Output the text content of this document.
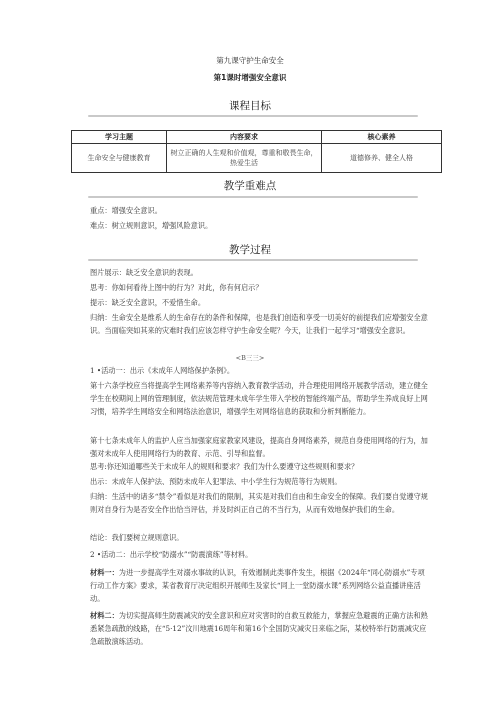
第九课守护生命安全
第1课时增强安全意识
课程目标
学习主题	内容要求	核心素养
生命安全与健康教育	树立正确的人生观和价值观，尊重和敬畏生命，热爱生活	道德修养、健全人格
教学重难点

重点：增强安全意识。

难点：树立规则意识，增强风险意识。

教学过程

图片展示：缺乏安全意识的表现。

思考：你如何看待上图中的行为？对此，你有何启示？

提示：缺乏安全意识，不爱惜生命。

归纳：生命安全是维系人的生命存在的条件和保障，也是我们创造和享受一切美好的前提我们应增强安全意识。当面临突如其来的灾难时我们应该怎样守护生命安全呢？今天，让我们一起学习“增强安全意识。

<B三三>

1 •活动一：出示《未成年人网络保护条例》。

第十六条学校应当将提高学生网络素养等内容纳入教育教学活动，并合理使用网络开展教学活动，建立健全学生在校期间上网的管理制度，依法规范管理未成年学生带入学校的智能终端产品，帮助学生养成良好上网习惯，培养学生网络安全和网络法治意识，增强学生对网络信息的获取和分析判断能力。

第十七条未成年人的监护人应当加强家庭家教家风建设，提高自身网络素养，规范自身使用网络的行为，加强对未成年人使用网络行为的教育、示范、引导和监督。

思考:你还知道哪些关于未成年人的规则和要求？我们为什么要遵守这些规则和要求？

出示：未成年人保护法、预防未成年人犯罪法、中小学生行为规范等行为规则。

归纳：生活中的诸多“禁令”看似是对我们的限制，其实是对我们自由和生命安全的保障。我们要自觉遵守规则对自身行为是否安全作出恰当评估，并及时纠正自己的不当行为，从而有效地保护我们的生命。

结论：我们要树立规则意识。

2 •活动二：出示学校“防溺水”“防震演练”等材料。

材料一：为进一步提高学生对溺水事故的认识，有效遏制此类事件发生，根据《2024年“同心防溺水”专项行动工作方案》要求，某省教育厅决定组织开展师生及家长“同上一堂防溺水课”系列网络公益直播讲座活动。

材料二：为切实提高师生防震减灾的安全意识和应对灾害时的自救互救能力，掌握应急避震的正确方法和熟悉紧急疏散的线路，在“5·12”汶川地震16周年和第16个全国防灾减灾日来临之际，某校特举行防震减灾应急疏散演练活动。
